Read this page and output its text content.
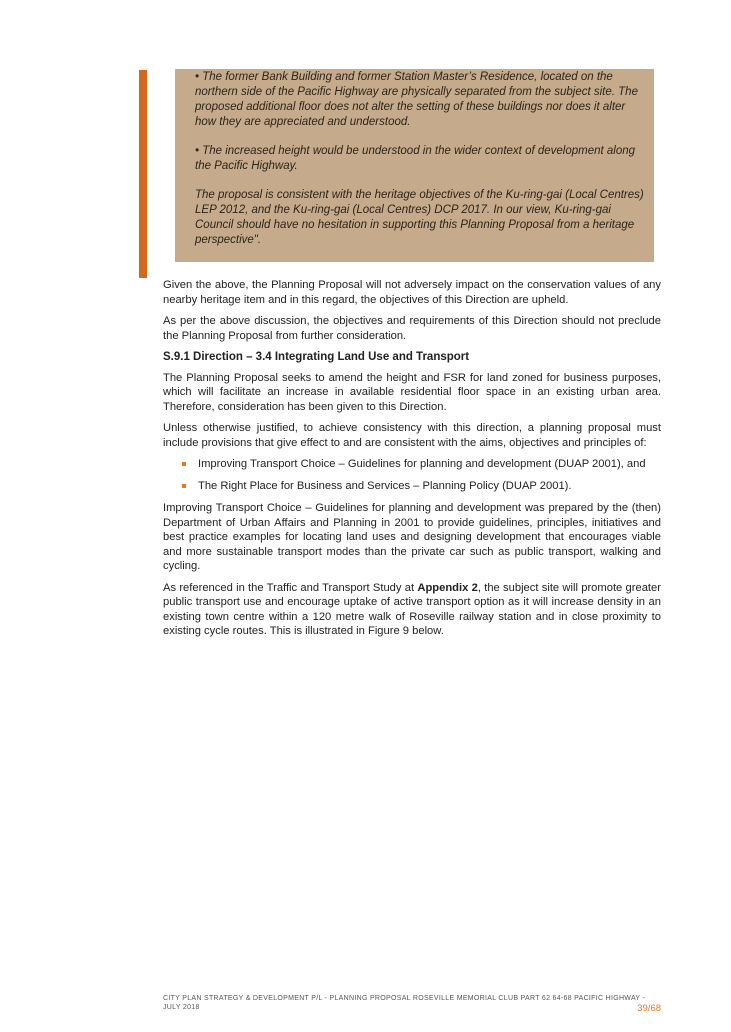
• The former Bank Building and former Station Master’s Residence, located on the northern side of the Pacific Highway are physically separated from the subject site. The proposed additional floor does not alter the setting of these buildings nor does it alter how they are appreciated and understood.

• The increased height would be understood in the wider context of development along the Pacific Highway.

The proposal is consistent with the heritage objectives of the Ku-ring-gai (Local Centres) LEP 2012, and the Ku-ring-gai (Local Centres) DCP 2017. In our view, Ku-ring-gai Council should have no hesitation in supporting this Planning Proposal from a heritage perspective".

Given the above, the Planning Proposal will not adversely impact on the conservation values of any nearby heritage item and in this regard, the objectives of this Direction are upheld.

As per the above discussion, the objectives and requirements of this Direction should not preclude the Planning Proposal from further consideration.

S.9.1 Direction – 3.4 Integrating Land Use and Transport

The Planning Proposal seeks to amend the height and FSR for land zoned for business purposes, which will facilitate an increase in available residential floor space in an existing urban area. Therefore, consideration has been given to this Direction.

Unless otherwise justified, to achieve consistency with this direction, a planning proposal must include provisions that give effect to and are consistent with the aims, objectives and principles of:

Improving Transport Choice – Guidelines for planning and development (DUAP 2001), and
The Right Place for Business and Services – Planning Policy (DUAP 2001).

Improving Transport Choice – Guidelines for planning and development was prepared by the (then) Department of Urban Affairs and Planning in 2001 to provide guidelines, principles, initiatives and best practice examples for locating land uses and designing development that encourages viable and more sustainable transport modes than the private car such as public transport, walking and cycling.

As referenced in the Traffic and Transport Study at Appendix 2, the subject site will promote greater public transport use and encourage uptake of active transport option as it will increase density in an existing town centre within a 120 metre walk of Roseville railway station and in close proximity to existing cycle routes. This is illustrated in Figure 9 below.

CITY PLAN STRATEGY & DEVELOPMENT P/L - PLANNING PROPOSAL ROSEVILLE MEMORIAL CLUB PART 62 64-68 PACIFIC HIGHWAY - JULY 2018	39/68
